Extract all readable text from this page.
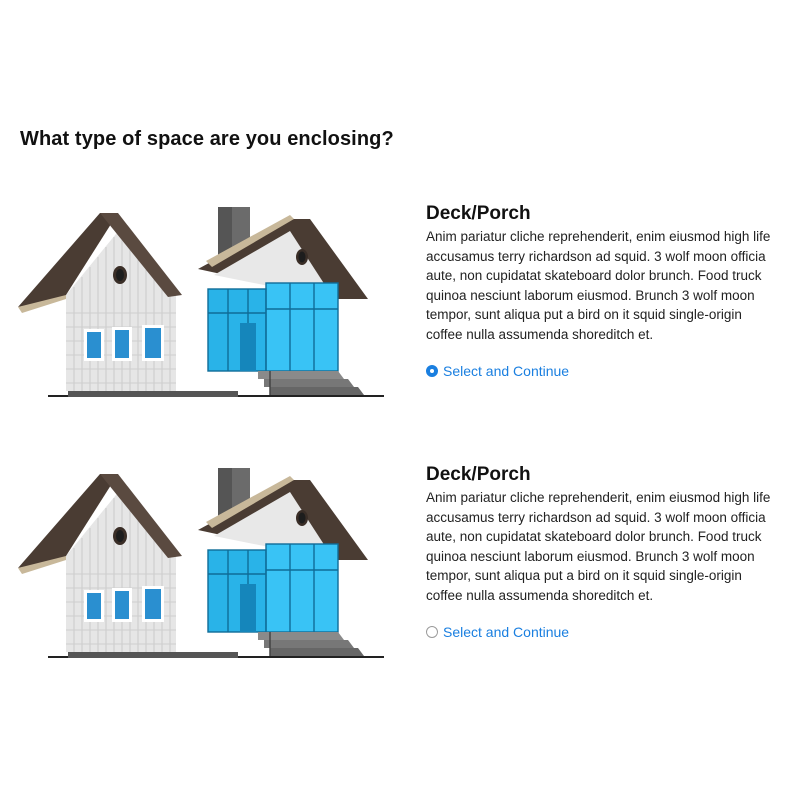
What type of space are you enclosing?
Deck/Porch
Anim pariatur cliche reprehenderit, enim eiusmod high life accusamus terry richardson ad squid. 3 wolf moon officia aute, non cupidatat skateboard dolor brunch. Food truck quinoa nesciunt laborum eiusmod. Brunch 3 wolf moon tempor, sunt aliqua put a bird on it squid single-origin coffee nulla assumenda shoreditch et.
Select and Continue
Deck/Porch
Anim pariatur cliche reprehenderit, enim eiusmod high life accusamus terry richardson ad squid. 3 wolf moon officia aute, non cupidatat skateboard dolor brunch. Food truck quinoa nesciunt laborum eiusmod. Brunch 3 wolf moon tempor, sunt aliqua put a bird on it squid single-origin coffee nulla assumenda shoreditch et.
Select and Continue
